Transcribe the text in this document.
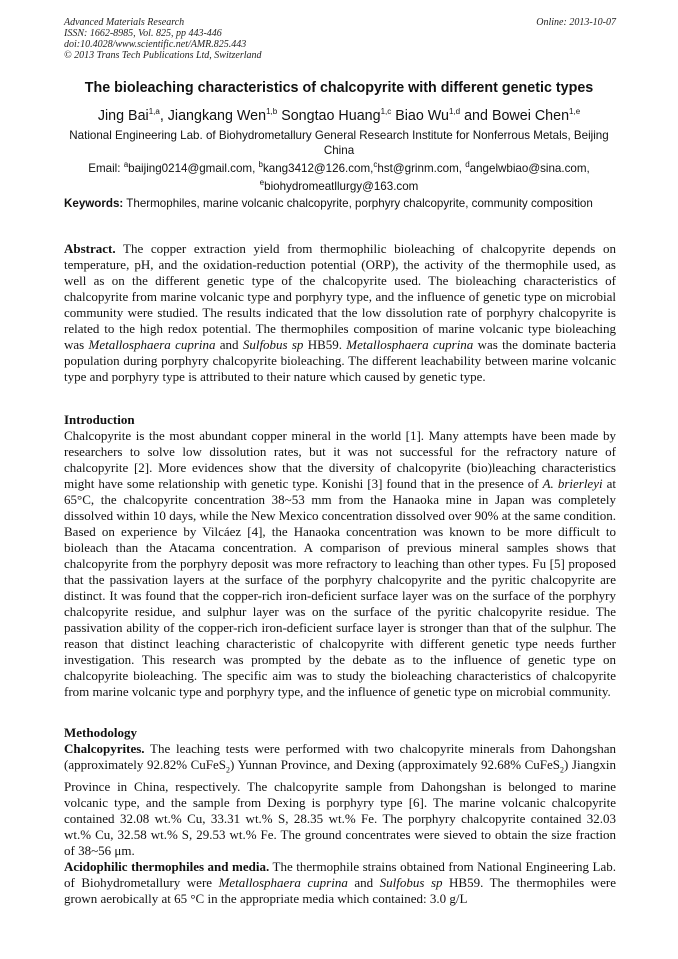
Advanced Materials Research
ISSN: 1662-8985, Vol. 825, pp 443-446
doi:10.4028/www.scientific.net/AMR.825.443
© 2013 Trans Tech Publications Ltd, Switzerland
Online: 2013-10-07
The bioleaching characteristics of chalcopyrite with different genetic types
Jing Bai$^{1,a}$, Jiangkang Wen$^{1,b}$ Songtao Huang$^{1,c}$ Biao Wu$^{1,d}$ and Bowei Chen$^{1,e}$
National Engineering Lab. of Biohydrometallury General Research Institute for Nonferrous Metals, Beijing China
Email: $^a$baijing0214@gmail.com, $^b$kang3412@126.com,$^c$hst@grinm.com, $^d$angelwbiao@sina.com,
$^e$biohydromeatllurgy@163.com
Keywords: Thermophiles, marine volcanic chalcopyrite, porphyry chalcopyrite, community composition
Abstract. The copper extraction yield from thermophilic bioleaching of chalcopyrite depends on temperature, pH, and the oxidation-reduction potential (ORP), the activity of the thermophile used, as well as on the different genetic type of the chalcopyrite used. The bioleaching characteristics of chalcopyrite from marine volcanic type and porphyry type, and the influence of genetic type on microbial community were studied. The results indicated that the low dissolution rate of porphyry chalcopyrite is related to the high redox potential. The thermophiles composition of marine volcanic type bioleaching was Metallosphaera cuprina and Sulfobus sp HB59. Metallosphaera cuprina was the dominate bacteria population during porphyry chalcopyrite bioleaching. The different leachability between marine volcanic type and porphyry type is attributed to their nature which caused by genetic type.
Introduction
Chalcopyrite is the most abundant copper mineral in the world [1]. Many attempts have been made by researchers to solve low dissolution rates, but it was not successful for the refractory nature of chalcopyrite [2]. More evidences show that the diversity of chalcopyrite (bio)leaching characteristics might have some relationship with genetic type. Konishi [3] found that in the presence of A. brierleyi at 65°C, the chalcopyrite concentration 38~53 mm from the Hanaoka mine in Japan was completely dissolved within 10 days, while the New Mexico concentration dissolved over 90% at the same condition. Based on experience by Vilcáez [4], the Hanaoka concentration was known to be more difficult to bioleach than the Atacama concentration. A comparison of previous mineral samples shows that chalcopyrite from the porphyry deposit was more refractory to leaching than other types. Fu [5] proposed that the passivation layers at the surface of the porphyry chalcopyrite and the pyritic chalcopyrite are distinct. It was found that the copper-rich iron-deficient surface layer was on the surface of the porphyry chalcopyrite residue, and sulphur layer was on the surface of the pyritic chalcopyrite residue. The passivation ability of the copper-rich iron-deficient surface layer is stronger than that of the sulphur. The reason that distinct leaching characteristic of chalcopyrite with different genetic type needs further investigation. This research was prompted by the debate as to the influence of genetic type on chalcopyrite bioleaching. The specific aim was to study the bioleaching characteristics of chalcopyrite from marine volcanic type and porphyry type, and the influence of genetic type on microbial community.
Methodology
Chalcopyrites. The leaching tests were performed with two chalcopyrite minerals from Dahongshan (approximately 92.82% CuFeS$_2$) Yunnan Province, and Dexing (approximately 92.68% CuFeS$_2$) Jiangxin Province in China, respectively. The chalcopyrite sample from Dahongshan is belonged to marine volcanic type, and the sample from Dexing is porphyry type [6]. The marine volcanic chalcopyrite contained 32.08 wt.% Cu, 33.31 wt.% S, 28.35 wt.% Fe. The porphyry chalcopyrite contained 32.03 wt.% Cu, 32.58 wt.% S, 29.53 wt.% Fe. The ground concentrates were sieved to obtain the size fraction of 38~56 μm.
Acidophilic thermophiles and media. The thermophile strains obtained from National Engineering Lab. of Biohydrometallury were Metallosphaera cuprina and Sulfobus sp HB59. The thermophiles were grown aerobically at 65 °C in the appropriate media which contained: 3.0 g/L
